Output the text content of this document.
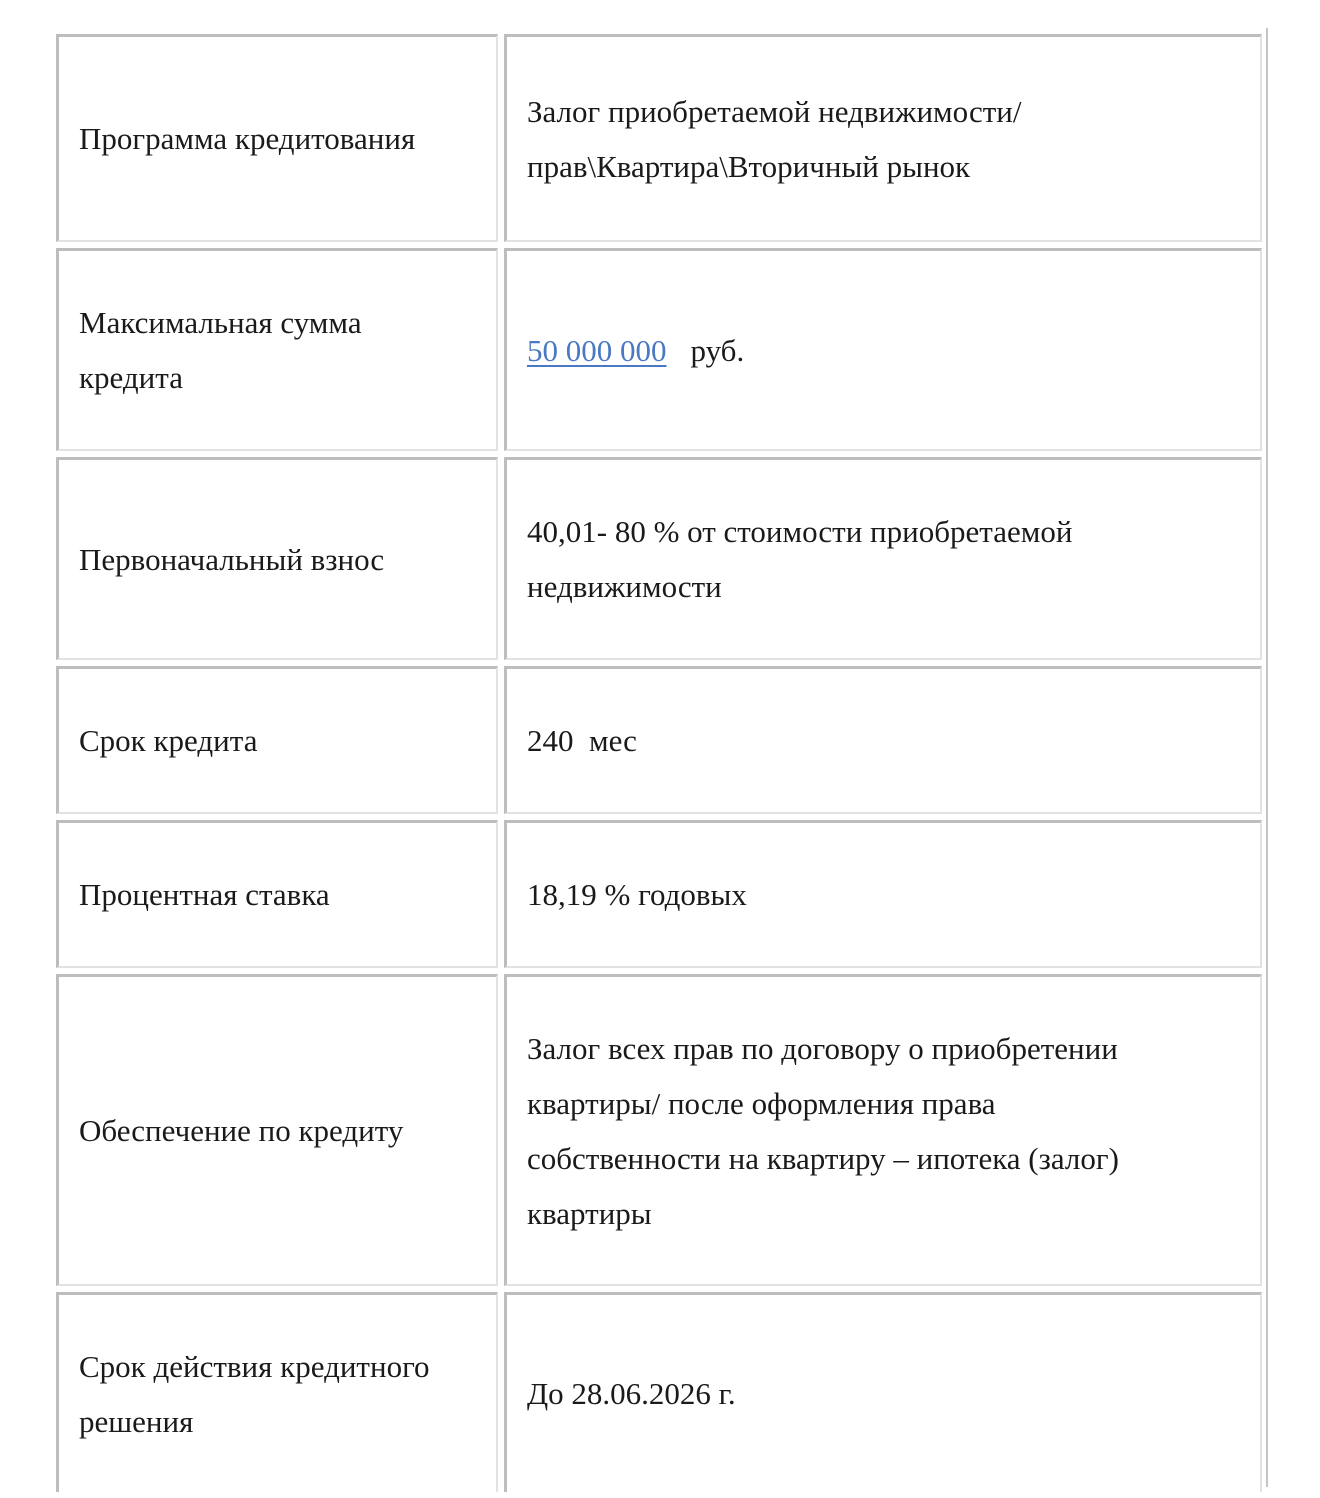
Программа кредитования
Залог приобретаемой недвижимости/ прав\Квартира\Вторичный рынок
Максимальная сумма кредита
50 000 000 руб.
Первоначальный взнос
40,01- 80 % от стоимости приобретаемой недвижимости
Срок кредита	240  мес
Процентная ставка	18,19 % годовых
Обеспечение по кредиту
Залог всех прав по договору о приобретении квартиры/ после оформления права собственности на квартиру – ипотека (залог) квартиры
Срок действия кредитного решения
До 28.06.2026 г.
